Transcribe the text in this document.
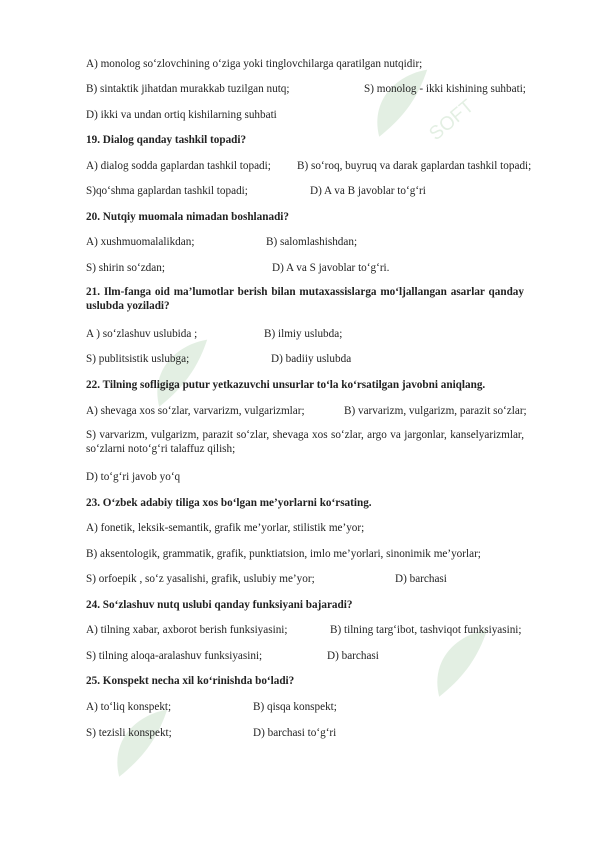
SOFT
A) monolog so‘zlovchining o‘ziga yoki tinglovchilarga qaratilgan nutqidir;
B) sintaktik jihatdan murakkab tuzilgan nutq;	S) monolog - ikki kishining suhbati;
D) ikki va undan ortiq kishilarning suhbati
19. Dialog qanday tashkil topadi?
A) dialog sodda gaplardan tashkil topadi; B) so‘roq, buyruq va darak gaplardan tashkil topadi;
S)qo‘shma gaplardan tashkil topadi;	D) A va B javoblar to‘g‘ri
20. Nutqiy muomala nimadan boshlanadi?
A) xushmuomalalikdan;	B) salomlashishdan;
S) shirin so‘zdan;	D) A va S javoblar to‘g‘ri.
21. Ilm-fanga oid ma’lumotlar berish bilan mutaxassislarga mo‘ljallangan asarlar qanday uslubda yoziladi?
A ) so‘zlashuv uslubida ;	B) ilmiy uslubda;
S) publitsistik uslubga;	D) badiiy uslubda
22. Tilning sofligiga putur yetkazuvchi unsurlar to‘la ko‘rsatilgan javobni aniqlang.
A) shevaga xos so‘zlar, varvarizm, vulgarizmlar;	B) varvarizm, vulgarizm, parazit so‘zlar;
S) varvarizm, vulgarizm, parazit so‘zlar, shevaga xos so‘zlar, argo va jargonlar, kanselyarizmlar, so‘zlarni noto‘g‘ri talaffuz qilish;
D) to‘g‘ri javob yo‘q
23. O‘zbek adabiy tiliga xos bo‘lgan me’yorlarni ko‘rsating.
A) fonetik, leksik-semantik, grafik me’yorlar, stilistik me’yor;
B) aksentologik, grammatik, grafik, punktiatsion, imlo me’yorlari, sinonimik me’yorlar;
S) orfoepik , so‘z yasalishi, grafik, uslubiy me’yor;	D) barchasi
24. So‘zlashuv nutq uslubi qanday funksiyani bajaradi?
A) tilning xabar, axborot berish funksiyasini;	B) tilning targ‘ibot, tashviqot funksiyasini;
S) tilning aloqa-aralashuv funksiyasini;	D) barchasi
25. Konspekt necha xil ko‘rinishda bo‘ladi?
A) to‘liq konspekt;	B) qisqa konspekt;
S) tezisli konspekt;	D) barchasi to‘g‘ri
